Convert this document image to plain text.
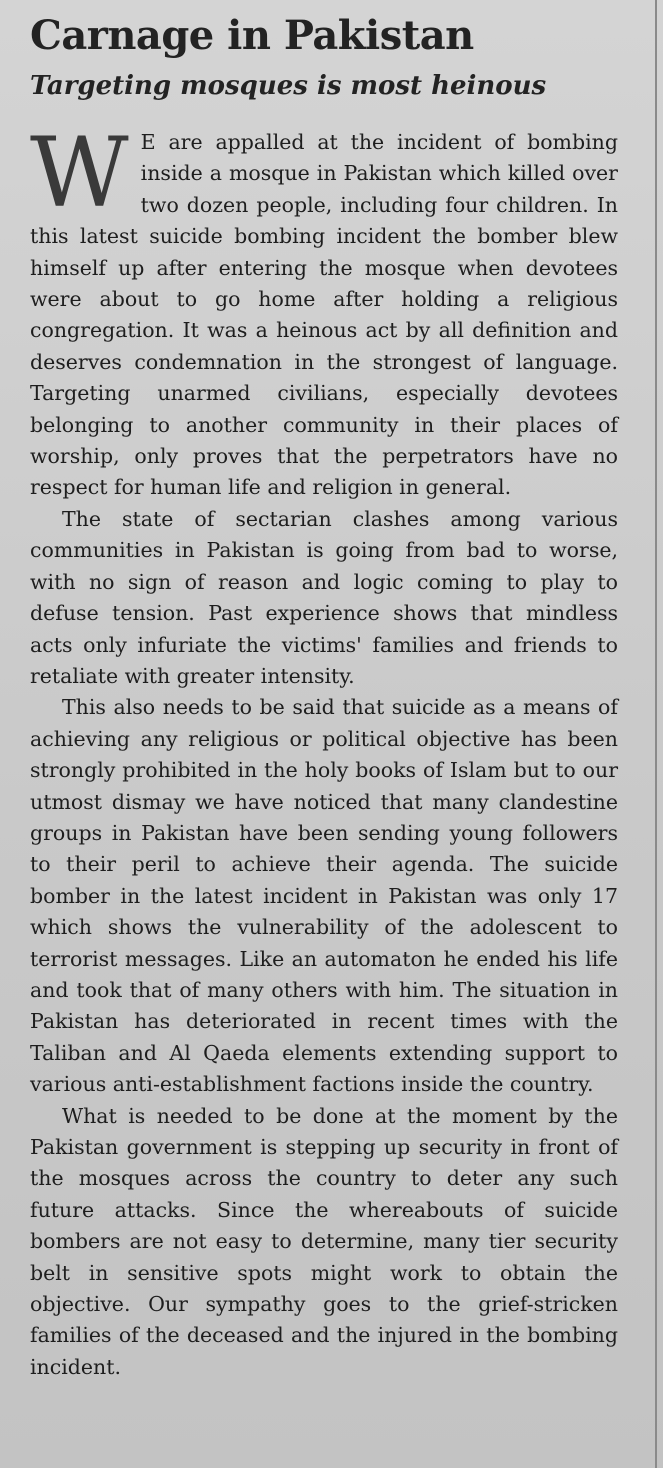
Carnage in Pakistan
Targeting mosques is most heinous

W E are appalled at the incident of bombing inside a mosque in Pakistan which killed over two dozen people, including four children. In this latest suicide bombing incident the bomber blew himself up after entering the mosque when devotees were about to go home after holding a religious congregation. It was a heinous act by all definition and deserves condemnation in the strongest of language. Targeting unarmed civilians, especially devotees belonging to another community in their places of worship, only proves that the perpetrators have no respect for human life and religion in general.

The state of sectarian clashes among various communities in Pakistan is going from bad to worse, with no sign of reason and logic coming to play to defuse tension. Past experience shows that mindless acts only infuriate the victims' families and friends to retaliate with greater intensity.

This also needs to be said that suicide as a means of achieving any religious or political objective has been strongly prohibited in the holy books of Islam but to our utmost dismay we have noticed that many clandestine groups in Pakistan have been sending young followers to their peril to achieve their agenda. The suicide bomber in the latest incident in Pakistan was only 17 which shows the vulnerability of the adolescent to terrorist messages. Like an automaton he ended his life and took that of many others with him. The situation in Pakistan has deteriorated in recent times with the Taliban and Al Qaeda elements extending support to various anti-establishment factions inside the country.

What is needed to be done at the moment by the Pakistan government is stepping up security in front of the mosques across the country to deter any such future attacks. Since the whereabouts of suicide bombers are not easy to determine, many tier security belt in sensitive spots might work to obtain the objective. Our sympathy goes to the grief-stricken families of the deceased and the injured in the bombing incident.
